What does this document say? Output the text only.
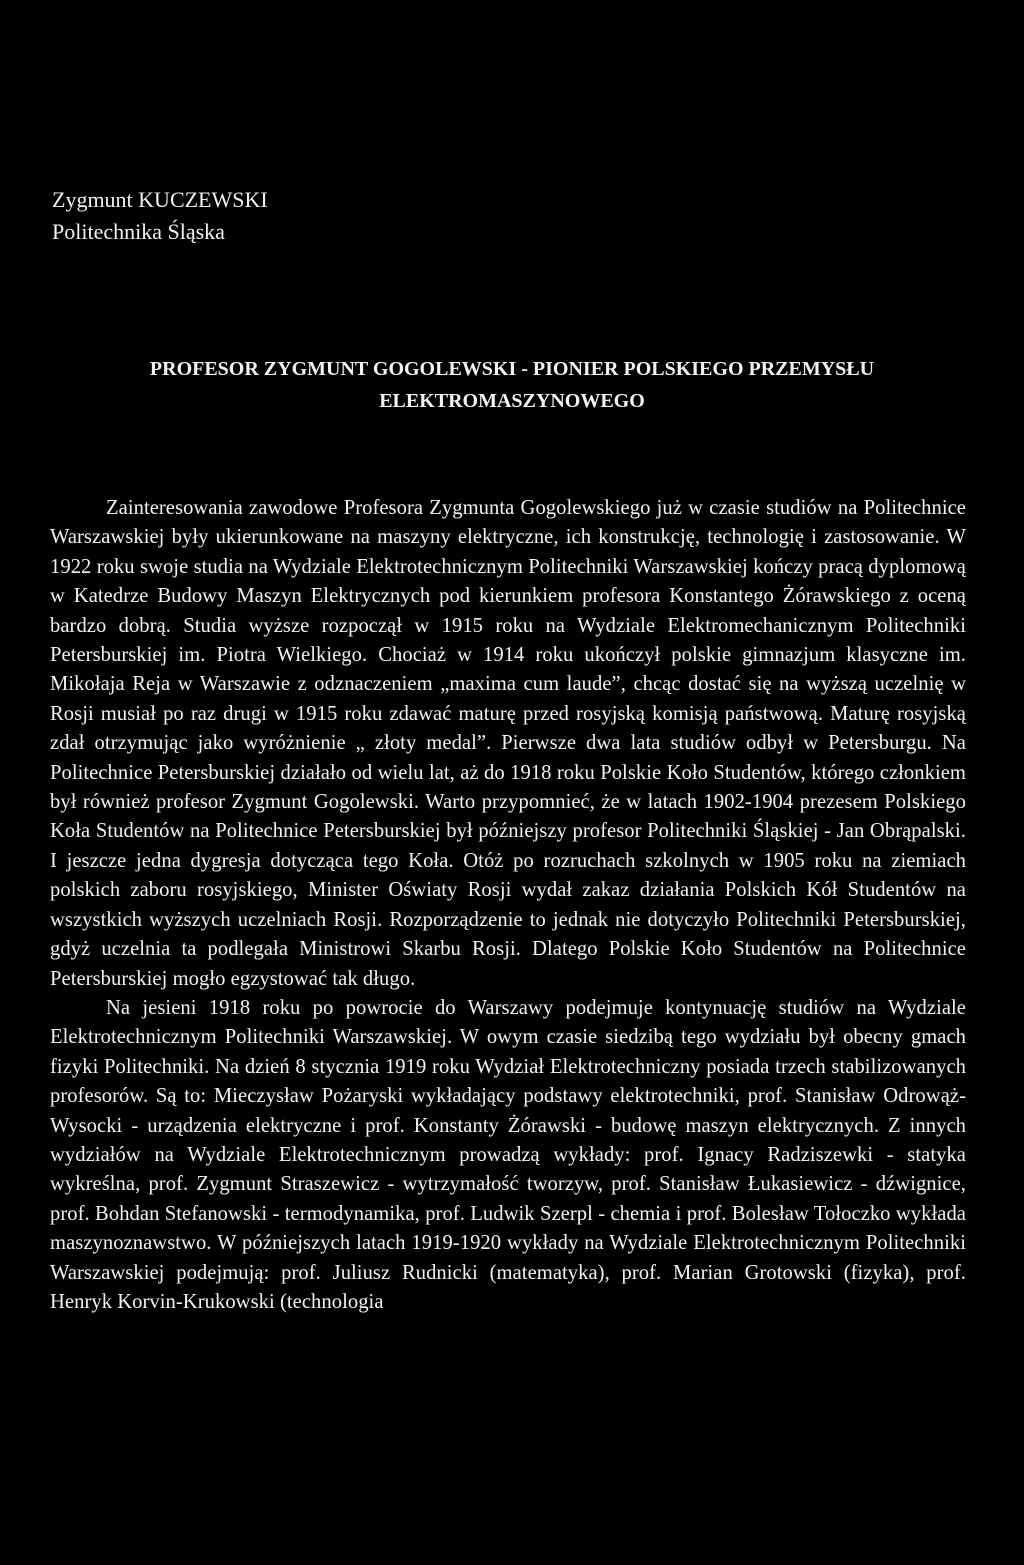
Zygmunt KUCZEWSKI
Politechnika Śląska
PROFESOR ZYGMUNT GOGOLEWSKI - PIONIER POLSKIEGO PRZEMYSŁU
ELEKTROMASZYNOWEGO

Zainteresowania zawodowe Profesora Zygmunta Gogolewskiego już w czasie studiów na Politechnice Warszawskiej były ukierunkowane na maszyny elektryczne, ich konstrukcję, technologię i zastosowanie. W 1922 roku swoje studia na Wydziale Elektrotechnicznym Politechniki Warszawskiej kończy pracą dyplomową w Katedrze Budowy Maszyn Elektrycznych pod kierunkiem profesora Konstantego Żórawskiego z oceną bardzo dobrą. Studia wyższe rozpoczął w 1915 roku na Wydziale Elektromechanicznym Politechniki Petersburskiej im. Piotra Wielkiego. Chociaż w 1914 roku ukończył polskie gimnazjum klasyczne im. Mikołaja Reja w Warszawie z odznaczeniem „maxima cum laude”, chcąc dostać się na wyższą uczelnię w Rosji musiał po raz drugi w 1915 roku zdawać maturę przed rosyjską komisją państwową. Maturę rosyjską zdał otrzymując jako wyróżnienie „ złoty medal”. Pierwsze dwa lata studiów odbył w Petersburgu. Na Politechnice Petersburskiej działało od wielu lat, aż do 1918 roku Polskie Koło Studentów, którego członkiem był również profesor Zygmunt Gogolewski. Warto przypomnieć, że w latach 1902-1904 prezesem Polskiego Koła Studentów na Politechnice Petersburskiej był późniejszy profesor Politechniki Śląskiej - Jan Obrąpalski. I jeszcze jedna dygresja dotycząca tego Koła. Otóż po rozruchach szkolnych w 1905 roku na ziemiach polskich zaboru rosyjskiego, Minister Oświaty Rosji wydał zakaz działania Polskich Kół Studentów na wszystkich wyższych uczelniach Rosji. Rozporządzenie to jednak nie dotyczyło Politechniki Petersburskiej, gdyż uczelnia ta podlegała Ministrowi Skarbu Rosji. Dlatego Polskie Koło Studentów na Politechnice Petersburskiej mogło egzystować tak długo.

Na jesieni 1918 roku po powrocie do Warszawy podejmuje kontynuację studiów na Wydziale Elektrotechnicznym Politechniki Warszawskiej. W owym czasie siedzibą tego wydziału był obecny gmach fizyki Politechniki. Na dzień 8 stycznia 1919 roku Wydział Elektrotechniczny posiada trzech stabilizowanych profesorów. Są to: Mieczysław Pożaryski wykładający podstawy elektrotechniki, prof. Stanisław Odrowąż-Wysocki - urządzenia elektryczne i prof. Konstanty Żórawski - budowę maszyn elektrycznych. Z innych wydziałów na Wydziale Elektrotechnicznym prowadzą wykłady: prof. Ignacy Radziszewki - statyka wykreślna, prof. Zygmunt Straszewicz - wytrzymałość tworzyw, prof. Stanisław Łukasiewicz - dźwignice, prof. Bohdan Stefanowski - termodynamika, prof. Ludwik Szerpl - chemia i prof. Bolesław Tołoczko wykłada maszynoznawstwo. W późniejszych latach 1919-1920 wykłady na Wydziale Elektrotechnicznym Politechniki Warszawskiej podejmują: prof. Juliusz Rudnicki (matematyka), prof. Marian Grotowski (fizyka), prof. Henryk Korvin-Krukowski (technologia
